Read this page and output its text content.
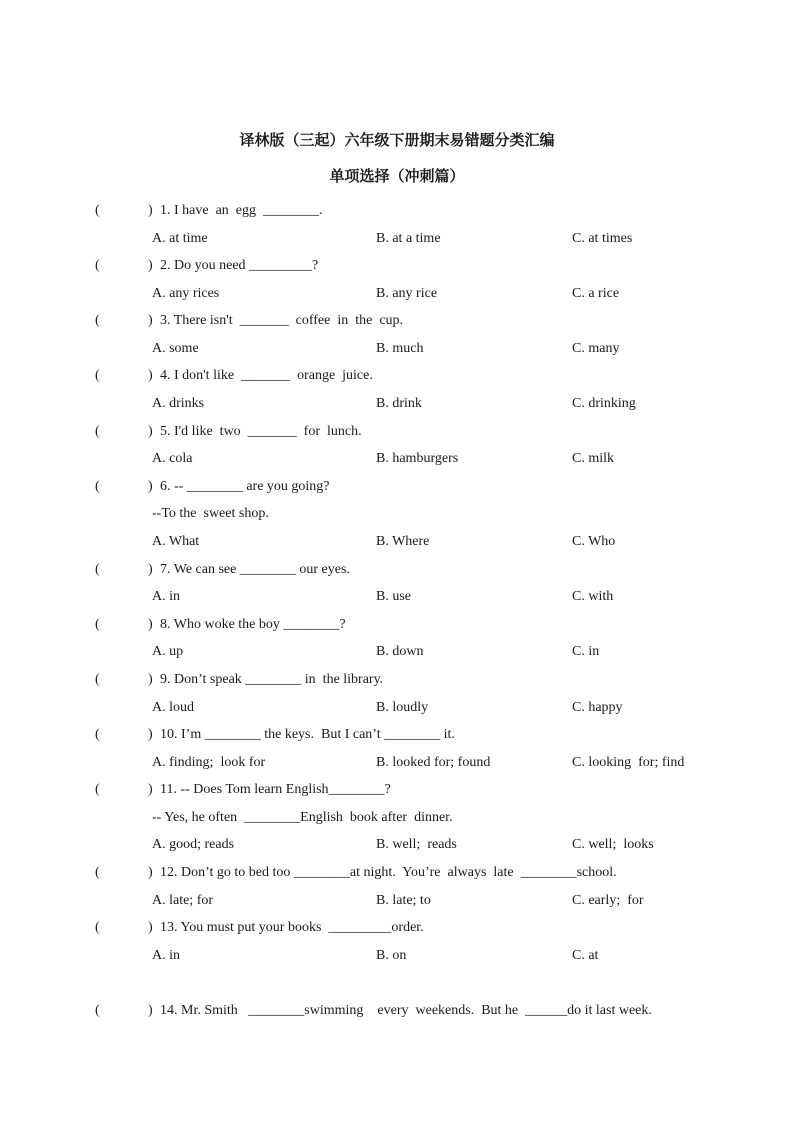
译林版（三起）六年级下册期末易错题分类汇编
单项选择（冲刺篇）
(	) 1. I have  an  egg  ________.
A. at time	B. at a time	C. at times
(	) 2. Do you need _________?
A. any rices	B. any rice	C. a rice
(	) 3. There isn't  _______  coffee  in  the  cup.
A. some	B. much	C. many
(	) 4. I don't like  _______  orange  juice.
A. drinks	B. drink	C. drinking
(	) 5. I'd like  two  _______  for  lunch.
A. cola	B. hamburgers	C. milk
(	) 6. -- ________ are you going?
--To the  sweet shop.
A. What	B. Where	C. Who
(	) 7. We can see ________ our eyes.
A. in	B. use	C. with
(	) 8. Who woke the boy ________?
A. up	B. down	C. in
(	) 9. Don’t speak ________ in  the library.
A. loud	B. loudly	C. happy
(	) 10. I’m ________ the keys.  But I can’t ________ it.
A. finding;  look for	B. looked for; found	C. looking  for; find
(	) 11. -- Does Tom learn English________?
-- Yes, he often  ________English  book after  dinner.
A. good; reads	B. well;  reads	C. well;  looks
(	) 12. Don’t go to bed too ________at night.  You’re  always  late  ________school.
A. late; for	B. late; to	C. early;  for
(	) 13. You must put your books  _________order.
A. in	B. on	C. at
(	) 14. Mr. Smith   ________swimming    every  weekends.  But he  ______do it last week.
